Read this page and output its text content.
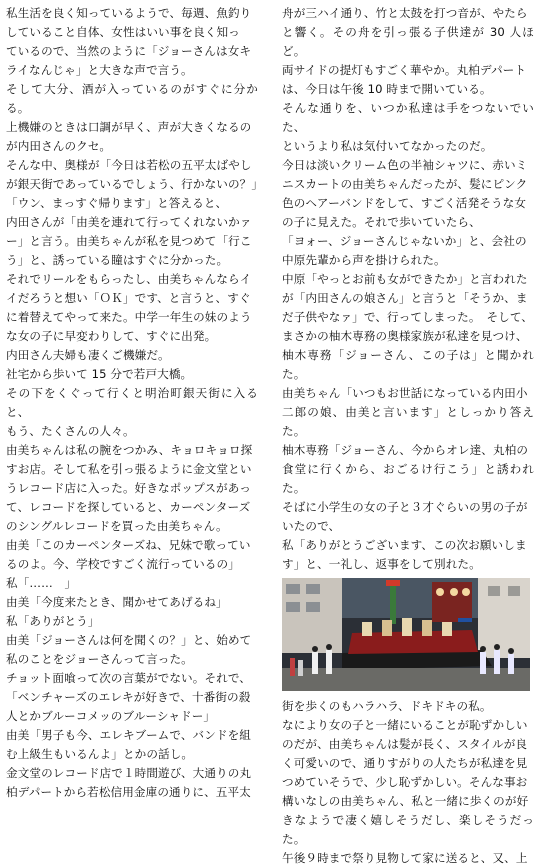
私生活を良く知っているようで、毎週、魚釣り

していること自体、女性はいい事を良く知っ

ているので、当然のように「ジョーさんは女キ

ライなんじゃ」と大きな声で言う。

そして大分、酒が入っているのがすぐに分かる。

上機嫌のときは口調が早く、声が大きくなるの

が内田さんのクセ。

そんな中、奥様が「今日は若松の五平太ばやし

が銀天街であっているでしょう、行かないの？」

「ウン、まっすぐ帰ります」と答えると、

内田さんが「由美を連れて行ってくれないかァ

ー」と言う。由美ちゃんが私を見つめて「行こ

う」と、誘っている瞳はすぐに分かった。

それでリールをもらったし、由美ちゃんならイ

イだろうと想い「ＯＫ」です、と言うと、すぐ

に着替えてやって来た。中学一年生の妹のよう

な女の子に早変わりして、すぐに出発。

内田さん夫婦も凄くご機嫌だ。

社宅から歩いて 15 分で若戸大橋。

その下をくぐって行くと明治町銀天街に入ると、

もう、たくさんの人々。

由美ちゃんは私の腕をつかみ、キョロキョロ探

すお店。そして私を引っ張るように金文堂とい

うレコード店に入った。好きなポップスがあっ

て、レコードを探していると、カーペンターズ

のシングルレコードを買った由美ちゃん。

由美「このカーペンターズね、兄妹で歌ってい

るのよ。今、学校ですごく流行っているの」

私「……　」

由美「今度来たとき、聞かせてあげるね」

私「ありがとう」

由美「ジョーさんは何を聞くの？」と、始めて

私のことをジョーさんって言った。

チョット面喰って次の言葉がでない。それで、

「ベンチャーズのエレキが好きで、十番街の殺

人とかブルーコメッのブルーシャドー」

由美「男子も今、エレキブームで、バンドを組

む上級生もいるんよ」とかの話し。

金文堂のレコード店で１時間遊び、大通りの丸

柏デパートから若松信用金庫の通りに、五平太

舟が三ハイ通り、竹と太鼓を打つ音が、やたら

と響く。その舟を引っ張る子供達が 30 人ほど。

両サイドの提灯もすごく華やか。丸柏デパート

は、今日は午後 10 時まで開いている。

そんな通りを、いつか私達は手をつないでいた、

というより私は気付いてなかったのだ。

今日は淡いクリーム色の半袖シャツに、赤いミ

ニスカートの由美ちゃんだったが、髪にピンク

色のヘアーバンドをして、すごく活発そうな女

の子に見えた。それで歩いていたら、

「ヨォー、ジョーさんじゃないか」と、会社の

中原先輩から声を掛けられた。

中原「やっとお前も女ができたか」と言われた

が「内田さんの娘さん」と言うと「そうか、ま

だ子供やなァ」で、行ってしまった。　そして、

まさかの柚木専務の奥様家族が私達を見つけ、

柚木専務「ジョーさん、この子は」と聞かれた。

由美ちゃん「いつもお世話になっている内田小

二郎の娘、由美と言います」としっかり答えた。

柚木専務「ジョーさん、今からオレ達、丸柏の

食堂に行くから、おごるけ行こう」と誘われた。

そばに小学生の女の子と３才ぐらいの男の子が

いたので、

私「ありがとうございます、この次お願いしま

す」と、一礼し、返事をして別れた。

街を歩くのもハラハラ、ドキドキの私。

なにより女の子と一緒にいることが恥ずかしい

のだが、由美ちゃんは髪が長く、スタイルが良

く可愛いので、通りすがりの人たちが私達を見

つめていそうで、少し恥ずかしい。そんな事お

構いなしの由美ちゃん、私と一緒に歩くのが好

きなようで凄く嬉しそうだし、楽しそうだった。

午後９時まで祭り見物して家に送ると、又、上
